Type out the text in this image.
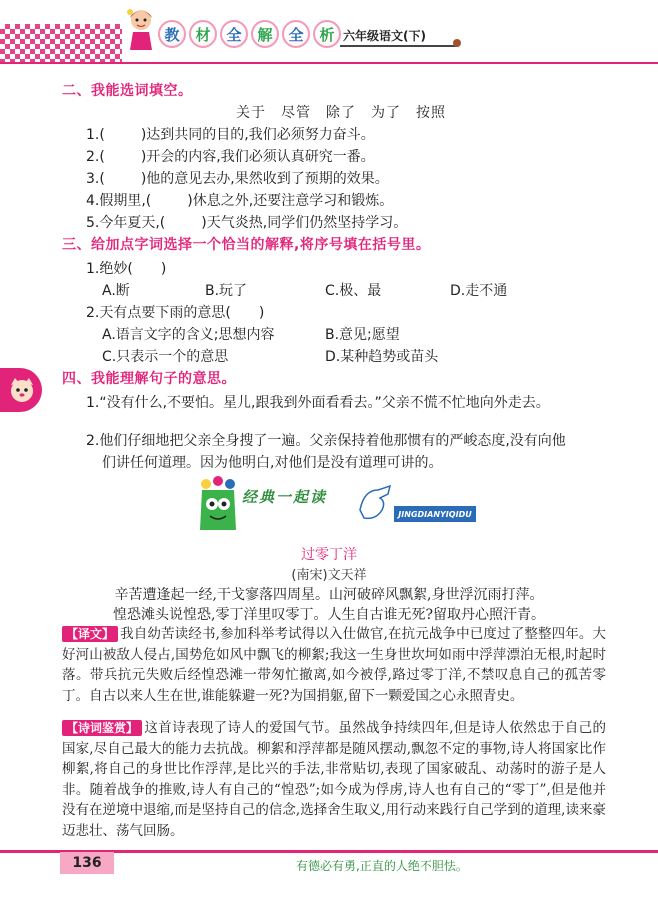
教	材	全	解	全	析 六年级语文(下)
二、我能选词填空。
关于　尽管　除了　为了　按照
1.(	)达到共同的目的,我们必须努力奋斗。
2.(	)开会的内容,我们必须认真研究一番。
3.(	)他的意见去办,果然收到了预期的效果。
4.假期里,(	)休息之外,还要注意学习和锻炼。
5.今年夏天,(	)天气炎热,同学们仍然坚持学习。
三、给加点字词选择一个恰当的解释,将序号填在括号里。
1.绝妙(　　)
A.断	B.玩了	C.极、最	D.走不通
2.天有点要下雨的意思(　　)
A.语言文字的含义;思想内容	B.意见;愿望
C.只表示一个的意思	D.某种趋势或苗头
四、我能理解句子的意思。
1.“没有什么,不要怕。星儿,跟我到外面看看去。”父亲不慌不忙地向外走去。
2.他们仔细地把父亲全身搜了一遍。父亲保持着他那惯有的严峻态度,没有向他
们讲任何道理。因为他明白,对他们是没有道理可讲的。
经典一起读
JINGDIANYIQIDU
过零丁洋
(南宋)文天祥
辛苦遭逢起一经,干戈寥落四周星。山河破碎风飘絮,身世浮沉雨打萍。
惶恐滩头说惶恐,零丁洋里叹零丁。人生自古谁无死?留取丹心照汗青。
【译文】 我自幼苦读经书,参加科举考试得以入仕做官,在抗元战争中已度过了整整四年。大好河山被敌人侵占,国势危如风中飘飞的柳絮;我这一生身世坎坷如雨中浮萍漂泊无根,时起时落。带兵抗元失败后经惶恐滩一带匆忙撤离,如今被俘,路过零丁洋,不禁叹息自己的孤苦零丁。自古以来人生在世,谁能躲避一死?为国捐躯,留下一颗爱国之心永照青史。
【诗词鉴赏】 这首诗表现了诗人的爱国气节。虽然战争持续四年,但是诗人依然忠于自己的国家,尽自己最大的能力去抗战。柳絮和浮萍都是随风摆动,飘忽不定的事物,诗人将国家比作柳絮,将自己的身世比作浮萍,是比兴的手法,非常贴切,表现了国家破乱、动荡时的游子是人非。随着战争的推败,诗人有自己的“惶恐”;如今成为俘虏,诗人也有自己的“零丁”,但是他并没有在逆境中退缩,而是坚持自己的信念,选择舍生取义,用行动来践行自己学到的道理,读来豪迈悲壮、荡气回肠。
136	有德必有勇,正直的人绝不胆怯。
